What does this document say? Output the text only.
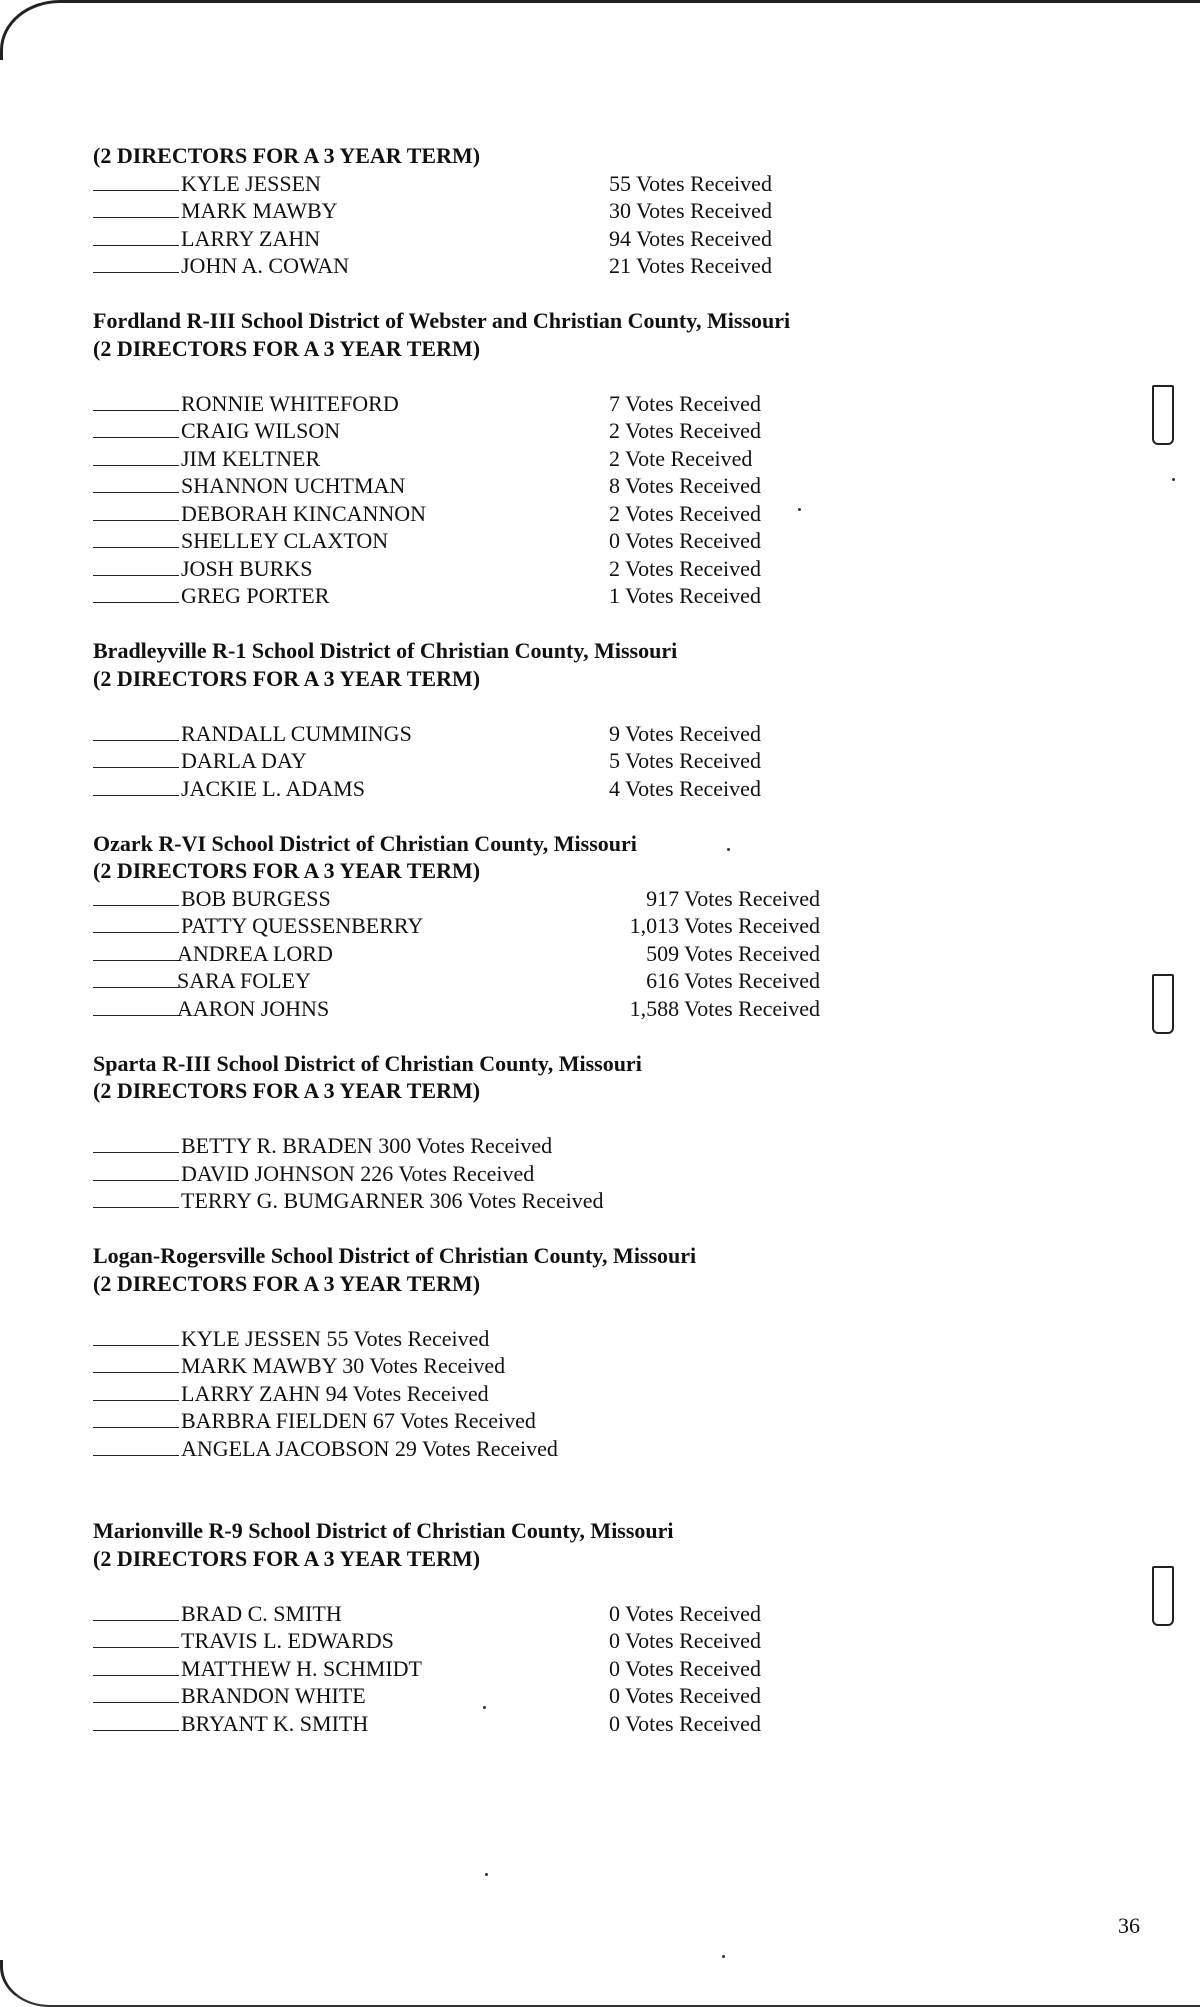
(2 DIRECTORS FOR A 3 YEAR TERM)
KYLE JESSEN	55 Votes Received
MARK MAWBY	30 Votes Received
LARRY ZAHN	94 Votes Received
JOHN A. COWAN	21 Votes Received
Fordland R-III School District of Webster and Christian County, Missouri
(2 DIRECTORS FOR A 3 YEAR TERM)
RONNIE WHITEFORD	7 Votes Received
CRAIG WILSON	2 Votes Received
JIM KELTNER	2 Vote Received
SHANNON UCHTMAN	8 Votes Received
DEBORAH KINCANNON	2 Votes Received
SHELLEY CLAXTON	0 Votes Received
JOSH BURKS	2 Votes Received
GREG PORTER	1 Votes Received
Bradleyville R-1 School District of Christian County, Missouri
(2 DIRECTORS FOR A 3 YEAR TERM)
RANDALL CUMMINGS	9 Votes Received
DARLA DAY	5 Votes Received
JACKIE L. ADAMS	4 Votes Received
Ozark R-VI School District of Christian County, Missouri
(2 DIRECTORS FOR A 3 YEAR TERM)
BOB BURGESS	917 Votes Received
PATTY QUESSENBERRY	1,013 Votes Received
ANDREA LORD	509 Votes Received
SARA FOLEY	616 Votes Received
AARON JOHNS	1,588 Votes Received
Sparta R-III School District of Christian County, Missouri
(2 DIRECTORS FOR A 3 YEAR TERM)
BETTY R. BRADEN 300 Votes Received
DAVID JOHNSON 226 Votes Received
TERRY G. BUMGARNER 306 Votes Received
Logan-Rogersville School District of Christian County, Missouri
(2 DIRECTORS FOR A 3 YEAR TERM)
KYLE JESSEN 55 Votes Received
MARK MAWBY 30 Votes Received
LARRY ZAHN 94 Votes Received
BARBRA FIELDEN 67 Votes Received
ANGELA JACOBSON 29 Votes Received
Marionville R-9 School District of Christian County, Missouri
(2 DIRECTORS FOR A 3 YEAR TERM)
BRAD C. SMITH	0 Votes Received
TRAVIS L. EDWARDS	0 Votes Received
MATTHEW H. SCHMIDT	0 Votes Received
BRANDON WHITE	0 Votes Received
BRYANT K. SMITH	0 Votes Received
36
